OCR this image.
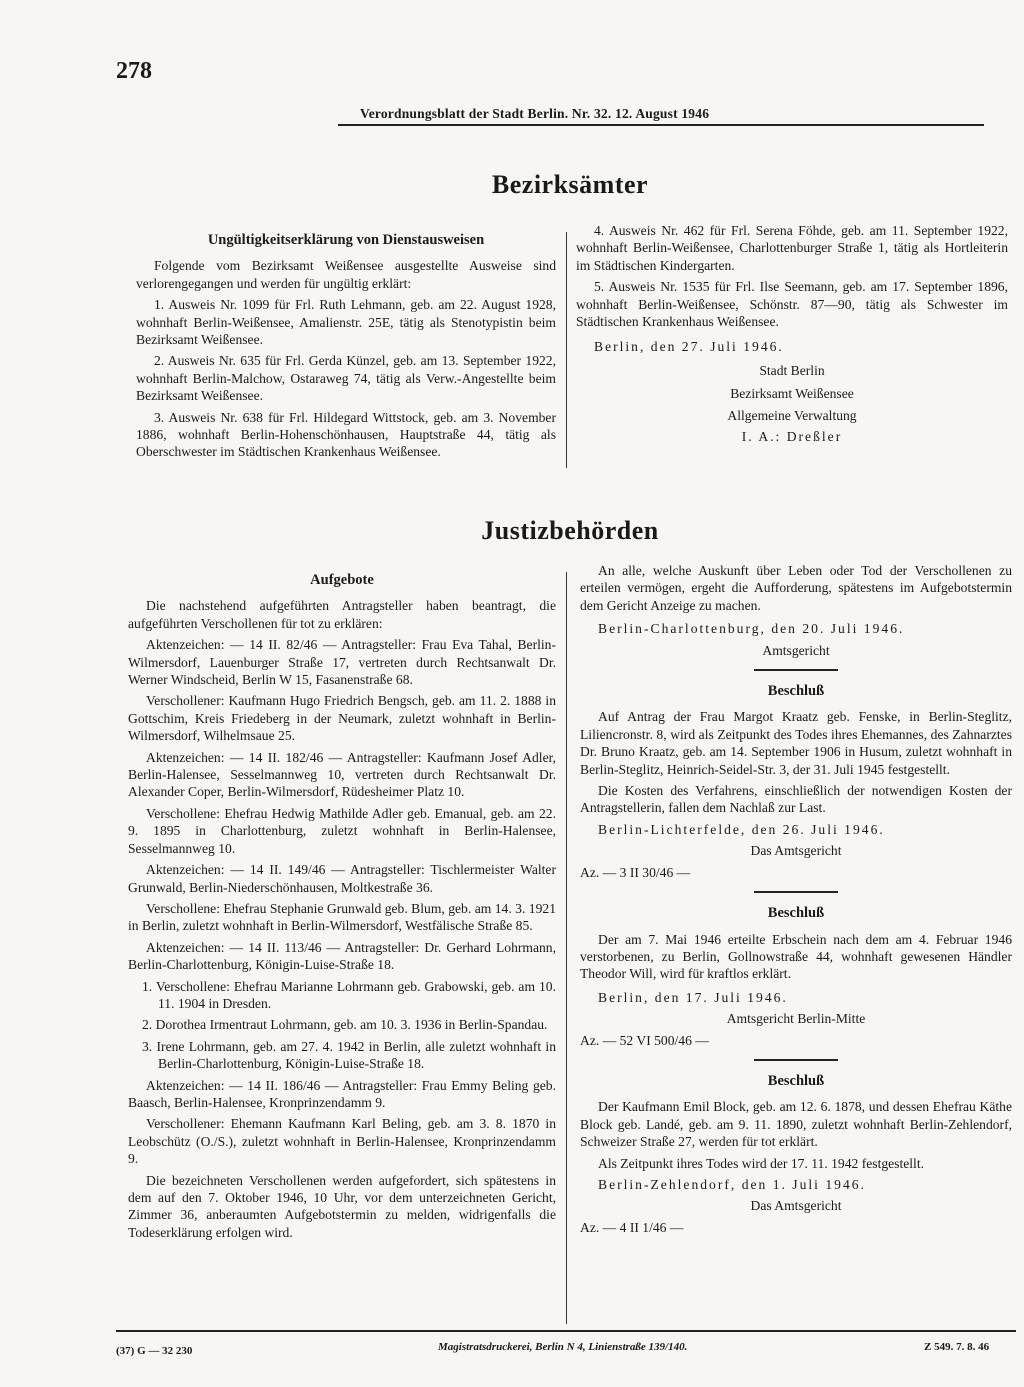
278
Verordnungsblatt der Stadt Berlin. Nr. 32. 12. August 1946
Bezirksämter
Ungültigkeitserklärung von Dienstausweisen

Folgende vom Bezirksamt Weißensee ausgestellte Ausweise sind verlorengegangen und werden für ungültig erklärt:

1. Ausweis Nr. 1099 für Frl. Ruth Lehmann, geb. am 22. August 1928, wohnhaft Berlin-Weißensee, Amalienstr. 25E, tätig als Stenotypistin beim Bezirksamt Weißensee.

2. Ausweis Nr. 635 für Frl. Gerda Künzel, geb. am 13. September 1922, wohnhaft Berlin-Malchow, Ostaraweg 74, tätig als Verw.-Angestellte beim Bezirksamt Weißensee.

3. Ausweis Nr. 638 für Frl. Hildegard Wittstock, geb. am 3. November 1886, wohnhaft Berlin-Hohenschönhausen, Hauptstraße 44, tätig als Oberschwester im Städtischen Krankenhaus Weißensee.

4. Ausweis Nr. 462 für Frl. Serena Föhde, geb. am 11. September 1922, wohnhaft Berlin-Weißensee, Charlottenburger Straße 1, tätig als Hortleiterin im Städtischen Kindergarten.

5. Ausweis Nr. 1535 für Frl. Ilse Seemann, geb. am 17. September 1896, wohnhaft Berlin-Weißensee, Schönstr. 87—90, tätig als Schwester im Städtischen Krankenhaus Weißensee.

Berlin, den 27. Juli 1946.

Stadt Berlin

Bezirksamt Weißensee

Allgemeine Verwaltung

I. A.: Dreßler

Justizbehörden
Aufgebote

Die nachstehend aufgeführten Antragsteller haben beantragt, die aufgeführten Verschollenen für tot zu erklären:

Aktenzeichen: — 14 II. 82/46 — Antragsteller: Frau Eva Tahal, Berlin-Wilmersdorf, Lauenburger Straße 17, vertreten durch Rechtsanwalt Dr. Werner Windscheid, Berlin W 15, Fasanenstraße 68.

Verschollener: Kaufmann Hugo Friedrich Bengsch, geb. am 11. 2. 1888 in Gottschim, Kreis Friedeberg in der Neumark, zuletzt wohnhaft in Berlin-Wilmersdorf, Wilhelmsaue 25.

Aktenzeichen: — 14 II. 182/46 — Antragsteller: Kaufmann Josef Adler, Berlin-Halensee, Sesselmannweg 10, vertreten durch Rechtsanwalt Dr. Alexander Coper, Berlin-Wilmersdorf, Rüdesheimer Platz 10.

Verschollene: Ehefrau Hedwig Mathilde Adler geb. Emanual, geb. am 22. 9. 1895 in Charlottenburg, zuletzt wohnhaft in Berlin-Halensee, Sesselmannweg 10.

Aktenzeichen: — 14 II. 149/46 — Antragsteller: Tischlermeister Walter Grunwald, Berlin-Niederschönhausen, Moltkestraße 36.

Verschollene: Ehefrau Stephanie Grunwald geb. Blum, geb. am 14. 3. 1921 in Berlin, zuletzt wohnhaft in Berlin-Wilmersdorf, Westfälische Straße 85.

Aktenzeichen: — 14 II. 113/46 — Antragsteller: Dr. Gerhard Lohrmann, Berlin-Charlottenburg, Königin-Luise-Straße 18.

1. Verschollene: Ehefrau Marianne Lohrmann geb. Grabowski, geb. am 10. 11. 1904 in Dresden.

2. Dorothea Irmentraut Lohrmann, geb. am 10. 3. 1936 in Berlin-Spandau.

3. Irene Lohrmann, geb. am 27. 4. 1942 in Berlin, alle zuletzt wohnhaft in Berlin-Charlottenburg, Königin-Luise-Straße 18.

Aktenzeichen: — 14 II. 186/46 — Antragsteller: Frau Emmy Beling geb. Baasch, Berlin-Halensee, Kronprinzendamm 9.

Verschollener: Ehemann Kaufmann Karl Beling, geb. am 3. 8. 1870 in Leobschütz (O./S.), zuletzt wohnhaft in Berlin-Halensee, Kronprinzendamm 9.

Die bezeichneten Verschollenen werden aufgefordert, sich spätestens in dem auf den 7. Oktober 1946, 10 Uhr, vor dem unterzeichneten Gericht, Zimmer 36, anberaumten Aufgebotstermin zu melden, widrigenfalls die Todeserklärung erfolgen wird.

An alle, welche Auskunft über Leben oder Tod der Verschollenen zu erteilen vermögen, ergeht die Aufforderung, spätestens im Aufgebotstermin dem Gericht Anzeige zu machen.

Berlin-Charlottenburg, den 20. Juli 1946.

Amtsgericht

Beschluß

Auf Antrag der Frau Margot Kraatz geb. Fenske, in Berlin-Steglitz, Liliencronstr. 8, wird als Zeitpunkt des Todes ihres Ehemannes, des Zahnarztes Dr. Bruno Kraatz, geb. am 14. September 1906 in Husum, zuletzt wohnhaft in Berlin-Steglitz, Heinrich-Seidel-Str. 3, der 31. Juli 1945 festgestellt.

Die Kosten des Verfahrens, einschließlich der notwendigen Kosten der Antragstellerin, fallen dem Nachlaß zur Last.

Berlin-Lichterfelde, den 26. Juli 1946.

Das Amtsgericht

Az. — 3 II 30/46 —

Beschluß

Der am 7. Mai 1946 erteilte Erbschein nach dem am 4. Februar 1946 verstorbenen, zu Berlin, Gollnowstraße 44, wohnhaft gewesenen Händler Theodor Will, wird für kraftlos erklärt.

Berlin, den 17. Juli 1946.

Amtsgericht Berlin-Mitte

Az. — 52 VI 500/46 —

Beschluß

Der Kaufmann Emil Block, geb. am 12. 6. 1878, und dessen Ehefrau Käthe Block geb. Landé, geb. am 9. 11. 1890, zuletzt wohnhaft Berlin-Zehlendorf, Schweizer Straße 27, werden für tot erklärt.

Als Zeitpunkt ihres Todes wird der 17. 11. 1942 festgestellt.

Berlin-Zehlendorf, den 1. Juli 1946.

Das Amtsgericht

Az. — 4 II 1/46 —

(37) G — 32 230	Magistratsdruckerei, Berlin N 4, Linienstraße 139/140.	Z 549. 7. 8. 46
